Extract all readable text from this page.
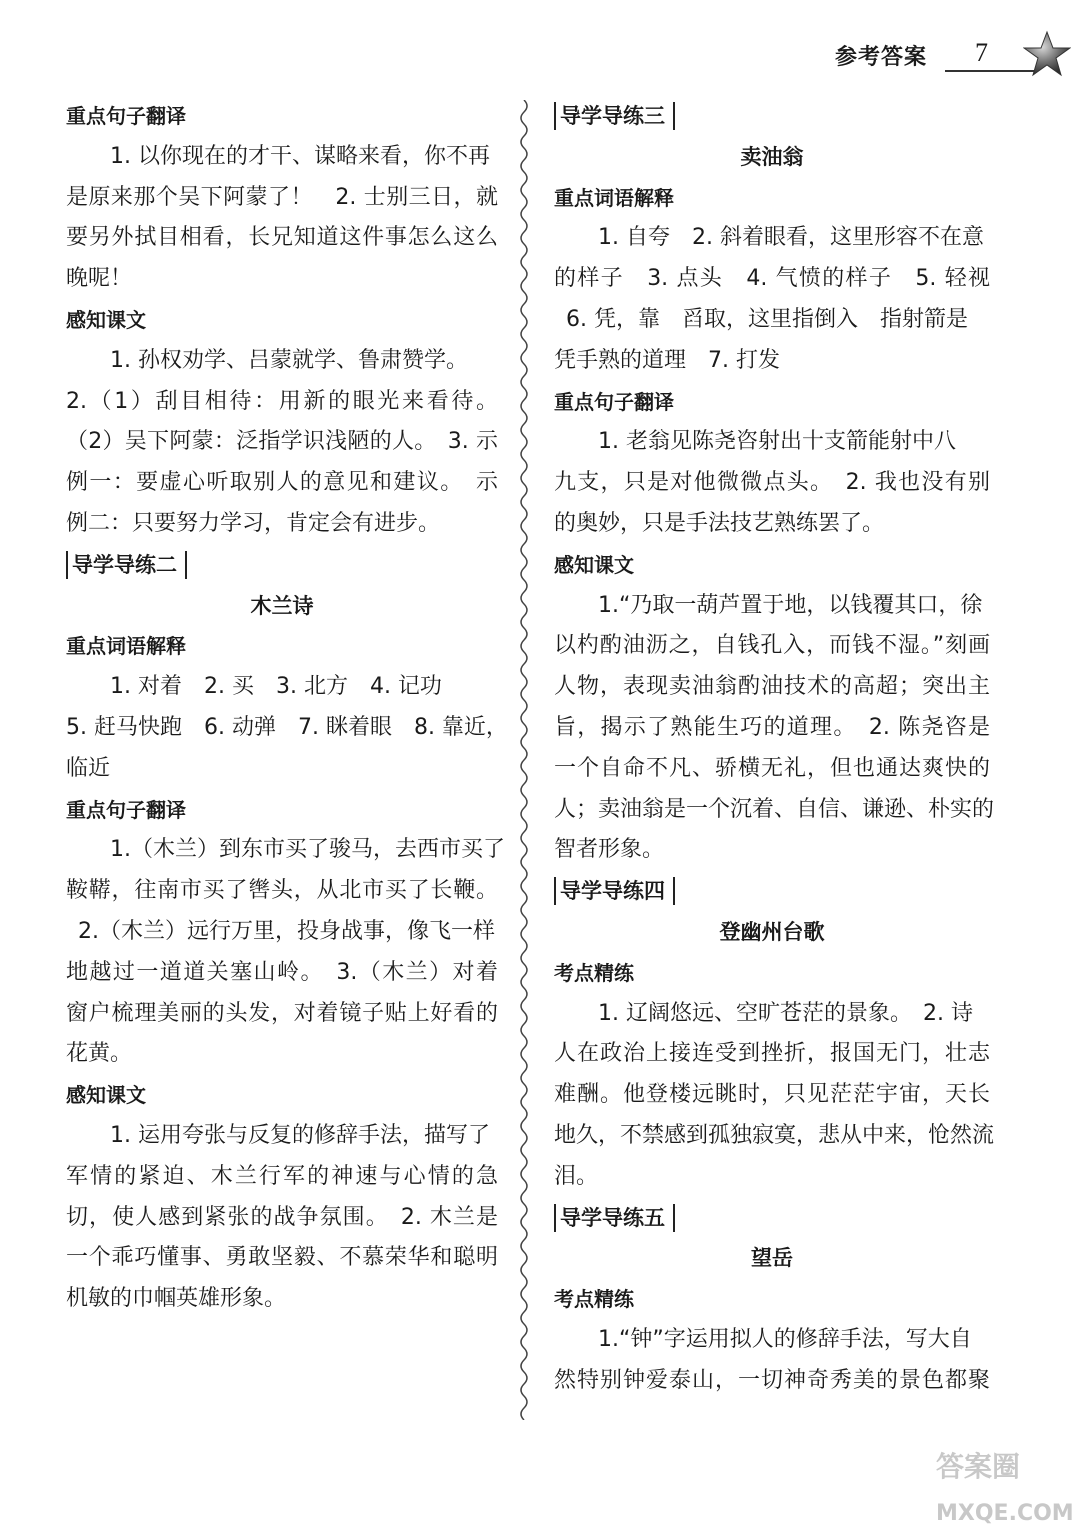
参考答案 7
重点句子翻译
1. 以你现在的才干、谋略来看，你不再
是原来那个吴下阿蒙了！　2. 士别三日，就
要另外拭目相看，长兄知道这件事怎么这么
晚呢！
感知课文
1. 孙权劝学、吕蒙就学、鲁肃赞学。
2.（1）刮目相待：用新的眼光来看待。
（2）吴下阿蒙：泛指学识浅陋的人。　3. 示
例一：要虚心听取别人的意见和建议。　示
例二：只要努力学习，肯定会有进步。
导学导练二
木兰诗
重点词语解释
1. 对着　2. 买　3. 北方　4. 记功
5. 赶马快跑　6. 动弹　7. 眯着眼　8. 靠近，
临近
重点句子翻译
1.（木兰）到东市买了骏马，去西市买了
鞍鞯，往南市买了辔头，从北市买了长鞭。
2.（木兰）远行万里，投身战事，像飞一样
地越过一道道关塞山岭。　3.（木兰）对着
窗户梳理美丽的头发，对着镜子贴上好看的
花黄。
感知课文
1. 运用夸张与反复的修辞手法，描写了
军情的紧迫、木兰行军的神速与心情的急
切，使人感到紧张的战争氛围。　2. 木兰是
一个乖巧懂事、勇敢坚毅、不慕荣华和聪明
机敏的巾帼英雄形象。
导学导练三
卖油翁
重点词语解释
1. 自夸　2. 斜着眼看，这里形容不在意
的样子　3. 点头　4. 气愤的样子　5. 轻视
6. 凭，靠　舀取，这里指倒入　指射箭是
凭手熟的道理　7. 打发
重点句子翻译
1. 老翁见陈尧咨射出十支箭能射中八
九支，只是对他微微点头。　2. 我也没有别
的奥妙，只是手法技艺熟练罢了。
感知课文
1.“乃取一葫芦置于地，以钱覆其口，徐
以杓酌油沥之，自钱孔入，而钱不湿。”刻画
人物，表现卖油翁酌油技术的高超；突出主
旨，揭示了熟能生巧的道理。　2. 陈尧咨是
一个自命不凡、骄横无礼，但也通达爽快的
人；卖油翁是一个沉着、自信、谦逊、朴实的
智者形象。
导学导练四
登幽州台歌
考点精练
1. 辽阔悠远、空旷苍茫的景象。　2. 诗
人在政治上接连受到挫折，报国无门，壮志
难酬。他登楼远眺时，只见茫茫宇宙，天长
地久，不禁感到孤独寂寞，悲从中来，怆然流
泪。
导学导练五
望岳
考点精练
1.“钟”字运用拟人的修辞手法，写大自
然特别钟爱泰山，一切神奇秀美的景色都聚
答案圈
MXQE.COM
